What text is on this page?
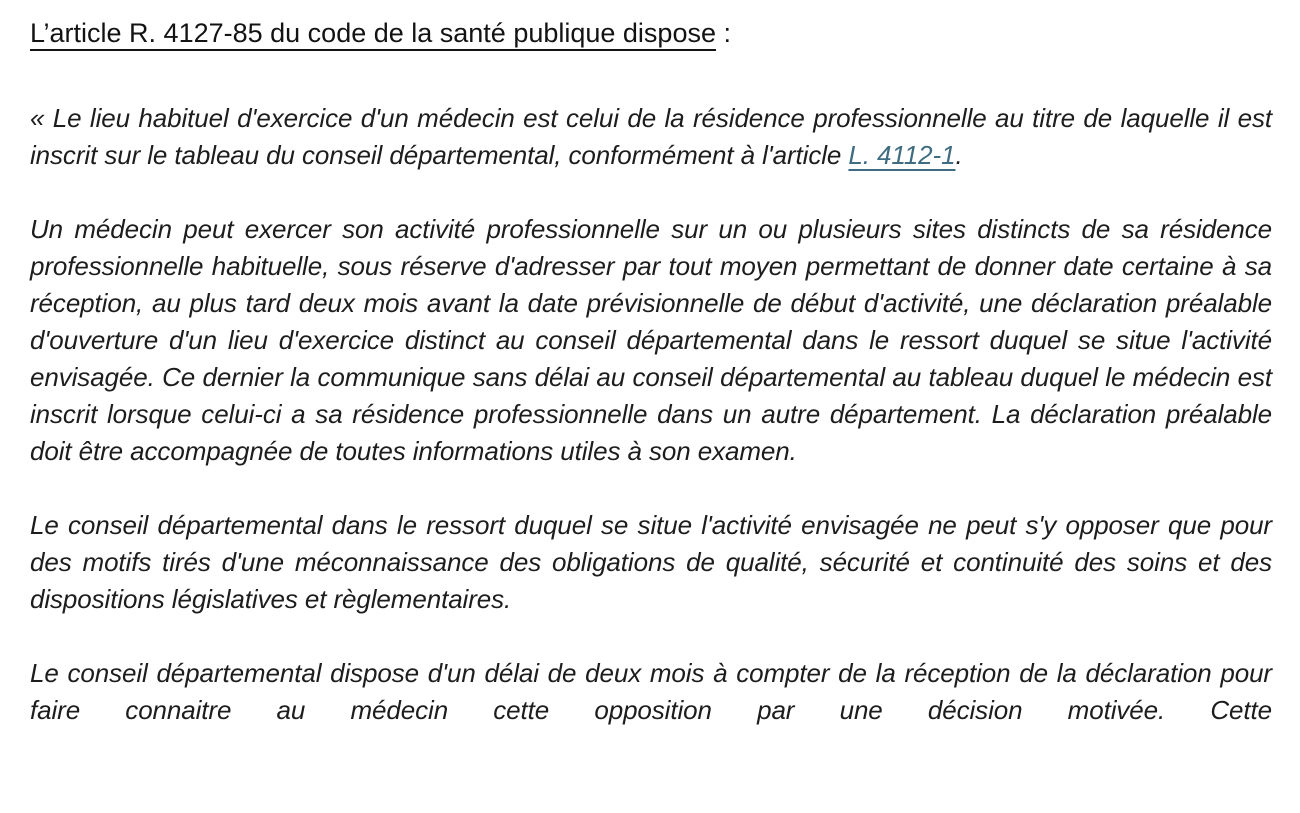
L’article R. 4127-85 du code de la santé publique dispose :

« Le lieu habituel d'exercice d'un médecin est celui de la résidence professionnelle au titre de laquelle il est inscrit sur le tableau du conseil départemental, conformément à l'article L. 4112-1.

Un médecin peut exercer son activité professionnelle sur un ou plusieurs sites distincts de sa résidence professionnelle habituelle, sous réserve d'adresser par tout moyen permettant de donner date certaine à sa réception, au plus tard deux mois avant la date prévisionnelle de début d'activité, une déclaration préalable d'ouverture d'un lieu d'exercice distinct au conseil départemental dans le ressort duquel se situe l'activité envisagée. Ce dernier la communique sans délai au conseil départemental au tableau duquel le médecin est inscrit lorsque celui-ci a sa résidence professionnelle dans un autre département. La déclaration préalable doit être accompagnée de toutes informations utiles à son examen.

Le conseil départemental dans le ressort duquel se situe l'activité envisagée ne peut s'y opposer que pour des motifs tirés d'une méconnaissance des obligations de qualité, sécurité et continuité des soins et des dispositions législatives et règlementaires.

Le conseil départemental dispose d'un délai de deux mois à compter de la réception de la déclaration pour faire connaitre au médecin cette opposition par une décision motivée. Cette
